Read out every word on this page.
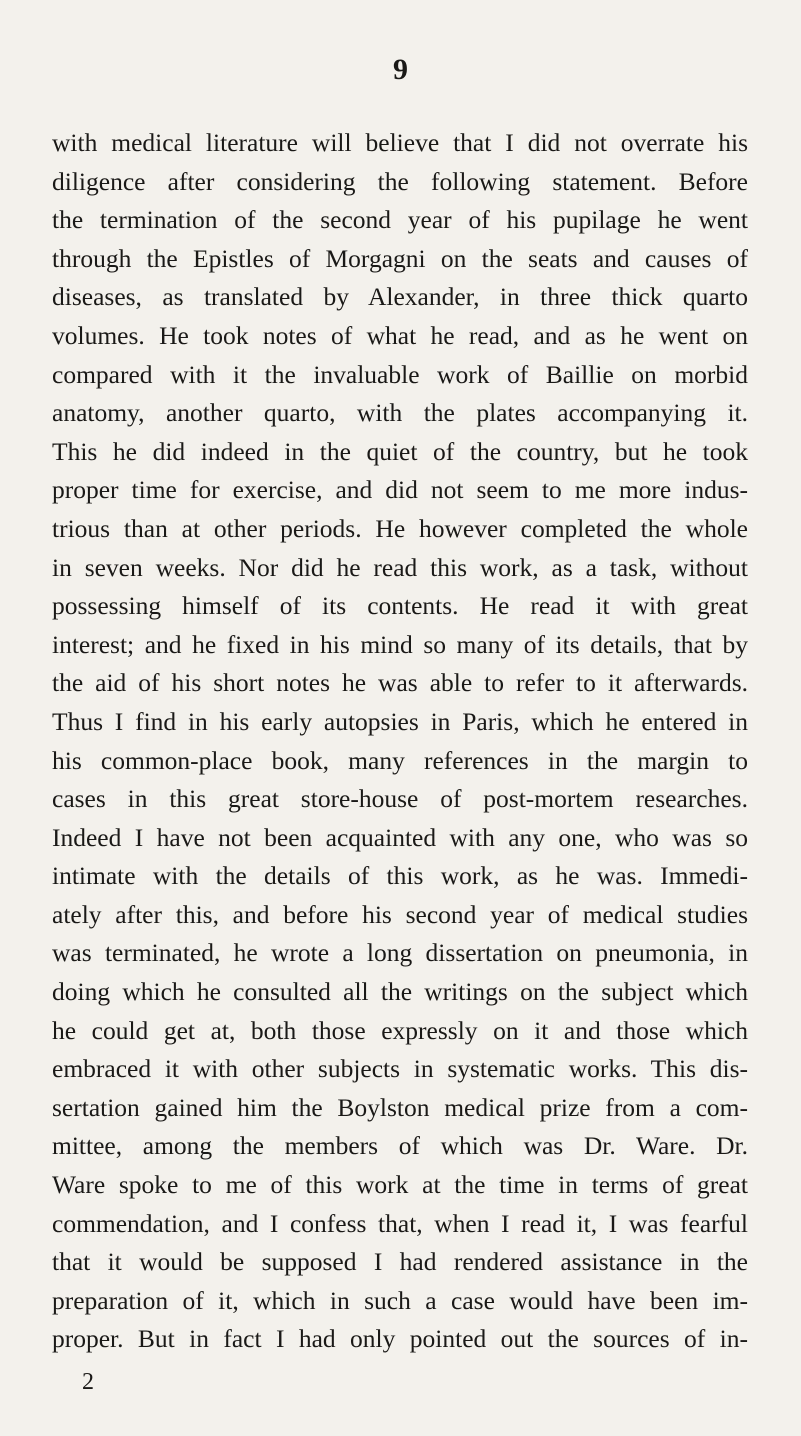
9
with medical literature will believe that I did not overrate his
diligence after considering the following statement. Before
the termination of the second year of his pupilage he went
through the Epistles of Morgagni on the seats and causes of
diseases, as translated by Alexander, in three thick quarto
volumes. He took notes of what he read, and as he went on
compared with it the invaluable work of Baillie on morbid
anatomy, another quarto, with the plates accompanying it.
This he did indeed in the quiet of the country, but he took
proper time for exercise, and did not seem to me more indus-
trious than at other periods. He however completed the whole
in seven weeks. Nor did he read this work, as a task, without
possessing himself of its contents. He read it with great
interest; and he fixed in his mind so many of its details, that by
the aid of his short notes he was able to refer to it afterwards.
Thus I find in his early autopsies in Paris, which he entered in
his common-place book, many references in the margin to
cases in this great store-house of post-mortem researches.
Indeed I have not been acquainted with any one, who was so
intimate with the details of this work, as he was. Immedi-
ately after this, and before his second year of medical studies
was terminated, he wrote a long dissertation on pneumonia, in
doing which he consulted all the writings on the subject which
he could get at, both those expressly on it and those which
embraced it with other subjects in systematic works. This dis-
sertation gained him the Boylston medical prize from a com-
mittee, among the members of which was Dr. Ware. Dr.
Ware spoke to me of this work at the time in terms of great
commendation, and I confess that, when I read it, I was fearful
that it would be supposed I had rendered assistance in the
preparation of it, which in such a case would have been im-
proper. But in fact I had only pointed out the sources of in-
2
